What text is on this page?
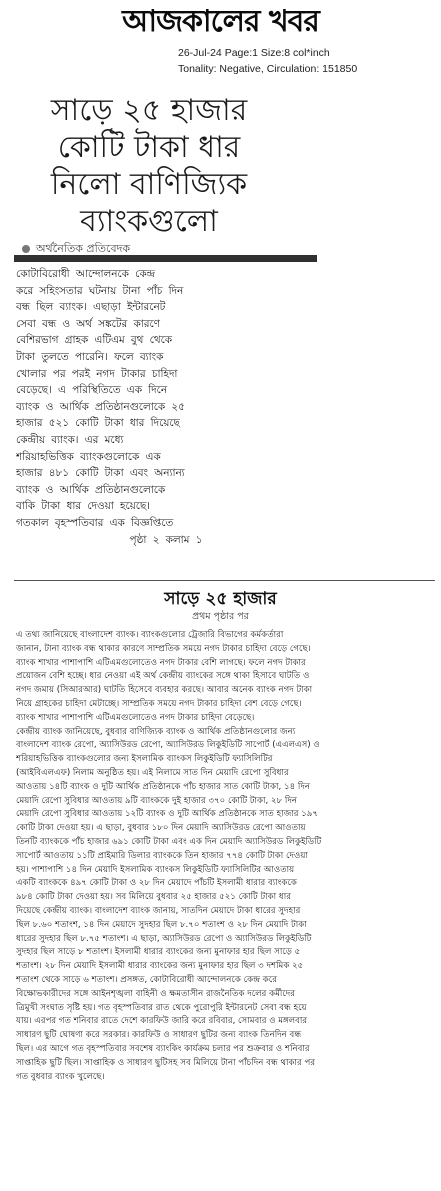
আজকালের খবর
26-Jul-24 Page:1 Size:8 col*inch
Tonality: Negative, Circulation: 151850
সাড়ে ২৫ হাজার
কোটি টাকা ধার
নিলো বাণিজ্যিক
ব্যাংকগুলো
অর্থনৈতিক প্রতিবেদক
কোটাবিরোধী আন্দোলনকে কেন্দ্র
করে সহিংসতার ঘটনায় টানা পাঁচ দিন
বন্ধ ছিল ব্যাংক। এছাড়া ইন্টারনেট
সেবা বন্ধ ও অর্থ সঙ্কটের কারণে
বেশিরভাগ গ্রাহক এটিএম বুথ থেকে
টাকা তুলতে পারেনি। ফলে ব্যাংক
খোলার পর পরই নগদ টাকার চাহিদা
বেড়েছে। এ পরিস্থিতিতে এক দিনে
ব্যাংক ও আর্থিক প্রতিষ্ঠানগুলোকে ২৫
হাজার ৫২১ কোটি টাকা ধার দিয়েছে
কেন্দ্রীয় ব্যাংক। এর মধ্যে
শরিয়াহভিত্তিক ব্যাংকগুলোকে এক
হাজার ৪৮১ কোটি টাকা এবং অন্যান্য
ব্যাংক ও আর্থিক প্রতিষ্ঠানগুলোকে
বাকি টাকা ধার দেওয়া হয়েছে।
গতকাল বৃহস্পতিবার এক বিজ্ঞপ্তিতে
পৃষ্ঠা ২ কলাম ১
সাড়ে ২৫ হাজার
প্রথম পৃষ্ঠার পর
এ তথ্য জানিয়েছে বাংলাদেশ ব্যাংক। ব্যাংকগুলোর ট্রেজারি বিভাগের কর্মকর্তারা
জানান, টানা ব্যাংক বন্ধ থাকার কারণে সাম্প্রতিক সময়ে নগদ টাকার চাহিদা বেড়ে গেছে।
ব্যাংক শাখার পাশাপাশি এটিএমগুলোতেও নগদ টাকার বেশি লাগছে। ফলে নগদ টাকার
প্রয়োজন বেশি হচ্ছে। ধার নেওয়া এই অর্থ কেন্দ্রীয় ব্যাংকের সঙ্গে থাকা হিসাবে ঘাটতি ও
নগদ জমায় (সিআরআর) ঘাটতি হিসেবে ব্যবহার করছে। আবার অনেক ব্যাংক নগদ টাকা
নিয়ে গ্রাহকের চাহিদা মেটাচ্ছে। সাম্প্রতিক সময়ে নগদ টাকার চাহিদা বেশ বেড়ে গেছে।
ব্যাংক শাখার পাশাপাশি এটিএমগুলোতেও নগদ টাকার চাহিদা বেড়েছে।
কেন্দ্রীয় ব্যাংক জানিয়েছে, বুধবার বাণিজ্যিক ব্যাংক ও আর্থিক প্রতিষ্ঠানগুলোর জন্য
বাংলাদেশ ব্যাংক রেপো, অ্যাসিউরড রেপো, অ্যাসিউরড লিকুইডিটি সাপোর্ট (এএলএস) ও
শরিয়াহভিত্তিক ব্যাংকগুলোর জন্য ইসলামিক ব্যাংকস লিকুইডিটি ফ্যাসিলিটির
(আইবিএলএফ) নিলাম অনুষ্ঠিত হয়। এই নিলামে সাত দিন মেয়াদি রেপো সুবিধার
আওতায় ১৪টি ব্যাংক ও দুটি আর্থিক প্রতিষ্ঠানকে পাঁচ হাজার সাত কোটি টাকা, ১৪ দিন
মেয়াদি রেপো সুবিধার আওতায় ৯টি ব্যাংককে দুই হাজার ৩৭০ কোটি টাকা, ২৮ দিন
মেয়াদি রেপো সুবিধার আওতায় ১২টি ব্যাংক ও দুটি আর্থিক প্রতিষ্ঠানকে সাত হাজার ১৯৭
কোটি টাকা দেওয়া হয়। এ ছাড়া, বুধবার ১৮০ দিন মেয়াদি অ্যাসিউরড রেপো আওতায়
তিনটি ব্যাংককে পাঁচ হাজার ৬৯১ কোটি টাকা এবং এক দিন মেয়াদি অ্যাসিউরড লিকুইডিটি
সাপোর্ট আওতায় ১১টি প্রাইমারি ডিলার ব্যাংককে তিন হাজার ৭৭৪ কোটি টাকা দেওয়া
হয়। পাশাপাশি ১৪ দিন মেয়াদি ইসলামিক ব্যাংকস লিকুইডিটি ফ্যাসিলিটির আওতায়
একটি ব্যাংককে ৪৯৭ কোটি টাকা ও ২৮ দিন মেয়াদে পাঁচটি ইসলামী ধারার ব্যাংককে
৯৮৪ কোটি টাকা দেওয়া হয়। সব মিলিয়ে বুধবার ২৫ হাজার ৫২১ কোটি টাকা ধার
দিয়েছে কেন্দ্রীয় ব্যাংক। বাংলাদেশ ব্যাংক জানায়, সাতদিন মেয়াদে টাকা ধারের সুদহার
ছিল ৮.৬০ শতাংশ, ১৪ দিন মেয়াদে সুদহার ছিল ৮.৭০ শতাংশ ও ২৮ দিন মেয়াদি টাকা
ধারের সুদহার ছিল ৮.৭৫ শতাংশ। এ ছাড়া, অ্যাসিউরড রেপো ও অ্যাসিউরড লিকুইডিটি
সুদহার ছিল সাড়ে ৮ শতাংশ। ইসলামী ধারার ব্যাংকের জন্য মুনাফার হার ছিল সাড়ে ৫
শতাংশ। ২৮ দিন মেয়াদি ইসলামী ধারার ব্যাংকের জন্য মুনাফার হার ছিল ৩ দশমিক ২৫
শতাংশ থেকে সাড়ে ৬ শতাংশ। প্রসঙ্গত, কোটাবিরোধী আন্দোলনকে কেন্দ্র করে
বিক্ষোভকারীদের সঙ্গে আইনশৃঙ্খলা বাহিনী ও ক্ষমতাসীন রাজনৈতিক দলের কর্মীদের
ত্রিমুখী সংঘাত সৃষ্টি হয়। গত বৃহস্পতিবার রাত থেকে পুরোপুরি ইন্টারনেট সেবা বন্ধ হয়ে
যায়। এরপর গত শনিবার রাতে দেশে কারফিউ জারি করে রবিবার, সোমবার ও মঙ্গলবার
সাধারণ ছুটি ঘোষণা করে সরকার। কারফিউ ও সাধারণ ছুটির জন্য ব্যাংক তিনদিন বন্ধ
ছিল। এর আগে গত বৃহস্পতিবার সবশেষ ব্যাংকিং কার্যক্রম চলার পর শুক্রবার ও শনিবার
সাপ্তাহিক ছুটি ছিল। সাপ্তাহিক ও সাধারণ ছুটিসহ সব মিলিয়ে টানা পাঁচদিন বন্ধ থাকার পর
গত বুধবার ব্যাংক খুলেছে।
